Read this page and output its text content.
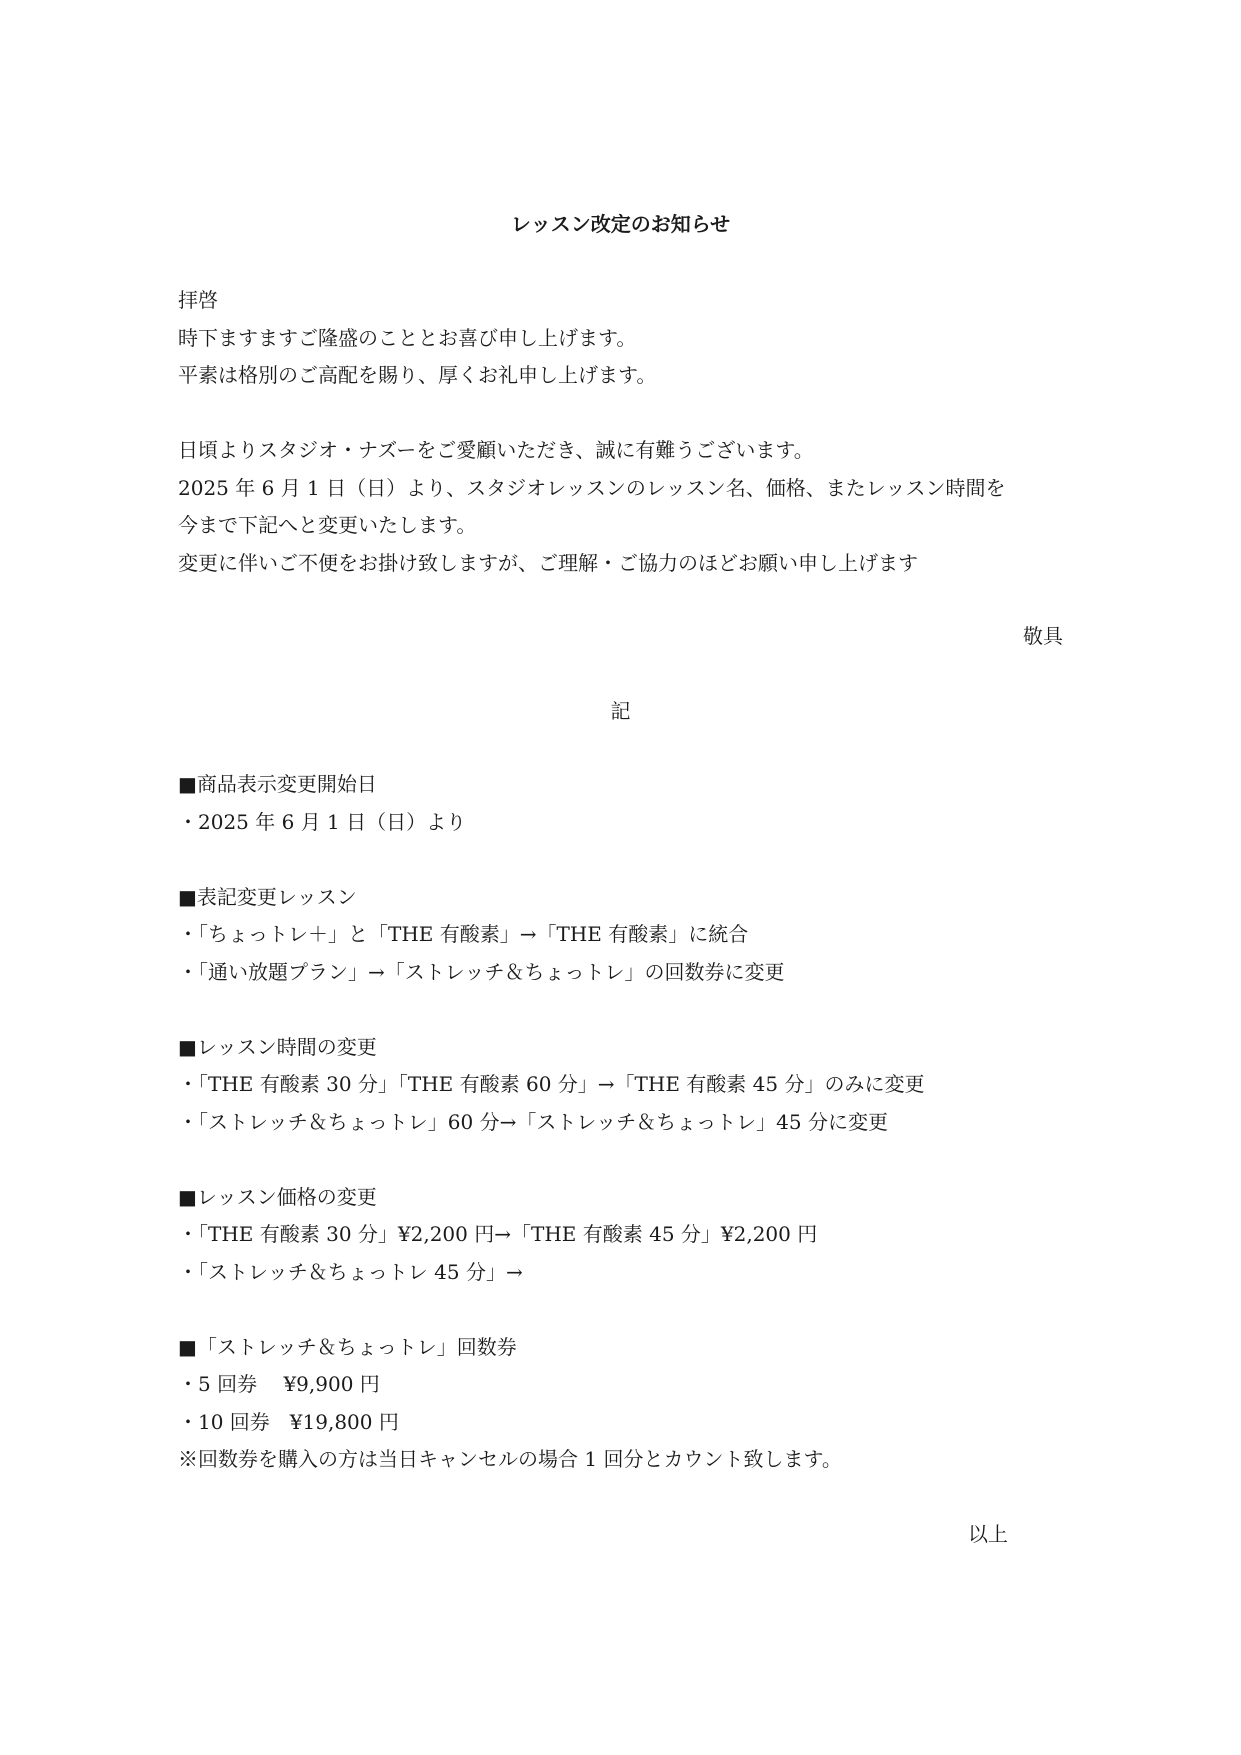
レッスン改定のお知らせ
拝啓
時下ますますご隆盛のこととお喜び申し上げます。
平素は格別のご高配を賜り、厚くお礼申し上げます。
日頃よりスタジオ・ナズーをご愛顧いただき、誠に有難うございます。
2025 年 6 月 1 日（日）より、スタジオレッスンのレッスン名、価格、またレッスン時間を
今まで下記へと変更いたします。
変更に伴いご不便をお掛け致しますが、ご理解・ご協力のほどお願い申し上げます
敬具
記
■商品表示変更開始日
・2025 年 6 月 1 日（日）より
■表記変更レッスン
・「ちょっトレ＋」と「THE 有酸素」→「THE 有酸素」に統合
・「通い放題プラン」→「ストレッチ＆ちょっトレ」の回数券に変更
■レッスン時間の変更
・「THE 有酸素 30 分」「THE 有酸素 60 分」→「THE 有酸素 45 分」のみに変更
・「ストレッチ＆ちょっトレ」60 分→「ストレッチ＆ちょっトレ」45 分に変更
■レッスン価格の変更
・「THE 有酸素 30 分」¥2,200 円→「THE 有酸素 45 分」¥2,200 円
・「ストレッチ＆ちょっトレ 45 分」→
■「ストレッチ＆ちょっトレ」回数券
・5 回券　 ¥9,900 円
・10 回券　¥19,800 円
※回数券を購入の方は当日キャンセルの場合 1 回分とカウント致します。
以上
